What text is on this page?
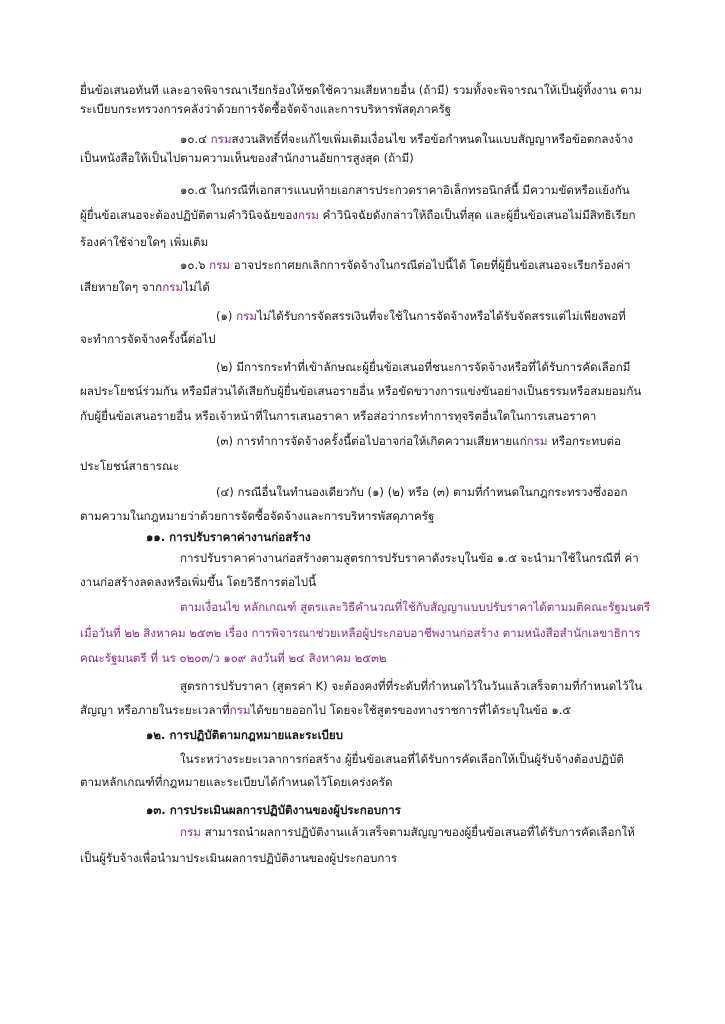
ยื่นข้อเสนอทันที และอาจพิจารณาเรียกร้องให้ชดใช้ความเสียหายอื่น (ถ้ามี) รวมทั้งจะพิจารณาให้เป็นผู้ทิ้งงาน ตาม
ระเบียบกระทรวงการคลังว่าด้วยการจัดซื้อจัดจ้างและการบริหารพัสดุภาครัฐ
๑๐.๔ กรมสงวนสิทธิ์ที่จะแก้ไขเพิ่มเติมเงื่อนไข หรือข้อกำหนดในแบบสัญญาหรือข้อตกลงจ้าง
เป็นหนังสือให้เป็นไปตามความเห็นของสำนักงานอัยการสูงสุด (ถ้ามี)
๑๐.๕ ในกรณีที่เอกสารแนบท้ายเอกสารประกวดราคาอิเล็กทรอนิกส์นี้ มีความขัดหรือแย้งกัน
ผู้ยื่นข้อเสนอจะต้องปฏิบัติตามคำวินิจฉัยของกรม คำวินิจฉัยดังกล่าวให้ถือเป็นที่สุด และผู้ยื่นข้อเสนอไม่มีสิทธิเรียก
ร้องค่าใช้จ่ายใดๆ เพิ่มเติม
๑๐.๖ กรม อาจประกาศยกเลิกการจัดจ้างในกรณีต่อไปนี้ได้ โดยที่ผู้ยื่นข้อเสนอจะเรียกร้องค่า
เสียหายใดๆ จากกรมไม่ได้
(๑) กรมไม่ได้รับการจัดสรรเงินที่จะใช้ในการจัดจ้างหรือได้รับจัดสรรแต่ไม่เพียงพอที่
จะทำการจัดจ้างครั้งนี้ต่อไป
(๒) มีการกระทำที่เข้าลักษณะผู้ยื่นข้อเสนอที่ชนะการจัดจ้างหรือที่ได้รับการคัดเลือกมี
ผลประโยชน์ร่วมกัน หรือมีส่วนได้เสียกับผู้ยื่นข้อเสนอรายอื่น หรือขัดขวางการแข่งขันอย่างเป็นธรรมหรือสมยอมกัน
กับผู้ยื่นข้อเสนอรายอื่น หรือเจ้าหน้าที่ในการเสนอราคา หรือส่อว่ากระทำการทุจริตอื่นใดในการเสนอราคา
(๓) การทำการจัดจ้างครั้งนี้ต่อไปอาจก่อให้เกิดความเสียหายแก่กรม หรือกระทบต่อ
ประโยชน์สาธารณะ
(๔) กรณีอื่นในทำนองเดียวกับ (๑) (๒) หรือ (๓) ตามที่กำหนดในกฎกระทรวงซึ่งออก
ตามความในกฎหมายว่าด้วยการจัดซื้อจัดจ้างและการบริหารพัสดุภาครัฐ
๑๑. การปรับราคาค่างานก่อสร้าง
การปรับราคาค่างานก่อสร้างตามสูตรการปรับราคาดังระบุในข้อ ๑.๕ จะนำมาใช้ในกรณีที่ ค่า
งานก่อสร้างลดลงหรือเพิ่มขึ้น โดยวิธีการต่อไปนี้
ตามเงื่อนไข หลักเกณฑ์ สูตรและวิธีคำนวณที่ใช้กับสัญญาแบบปรับราคาได้ตามมติคณะรัฐมนตรี
เมื่อวันที่ ๒๒ สิงหาคม ๒๕๓๒ เรื่อง การพิจารณาช่วยเหลือผู้ประกอบอาชีพงานก่อสร้าง ตามหนังสือสำนักเลขาธิการ
คณะรัฐมนตรี ที่ นร ๐๒๐๓/ว ๑๐๙ ลงวันที่ ๒๔ สิงหาคม ๒๕๓๒
สูตรการปรับราคา (สูตรค่า K) จะต้องคงที่ที่ระดับที่กำหนดไว้ในวันแล้วเสร็จตามที่กำหนดไว้ใน
สัญญา หรือภายในระยะเวลาที่กรมได้ขยายออกไป โดยจะใช้สูตรของทางราชการที่ได้ระบุในข้อ ๑.๕
๑๒. การปฏิบัติตามกฎหมายและระเบียบ
ในระหว่างระยะเวลาการก่อสร้าง ผู้ยื่นข้อเสนอที่ได้รับการคัดเลือกให้เป็นผู้รับจ้างต้องปฏิบัติ
ตามหลักเกณฑ์ที่กฎหมายและระเบียบได้กำหนดไว้โดยเคร่งครัด
๑๓. การประเมินผลการปฏิบัติงานของผู้ประกอบการ
กรม สามารถนำผลการปฏิบัติงานแล้วเสร็จตามสัญญาของผู้ยื่นข้อเสนอที่ได้รับการคัดเลือกให้
เป็นผู้รับจ้างเพื่อนำมาประเมินผลการปฏิบัติงานของผู้ประกอบการ
